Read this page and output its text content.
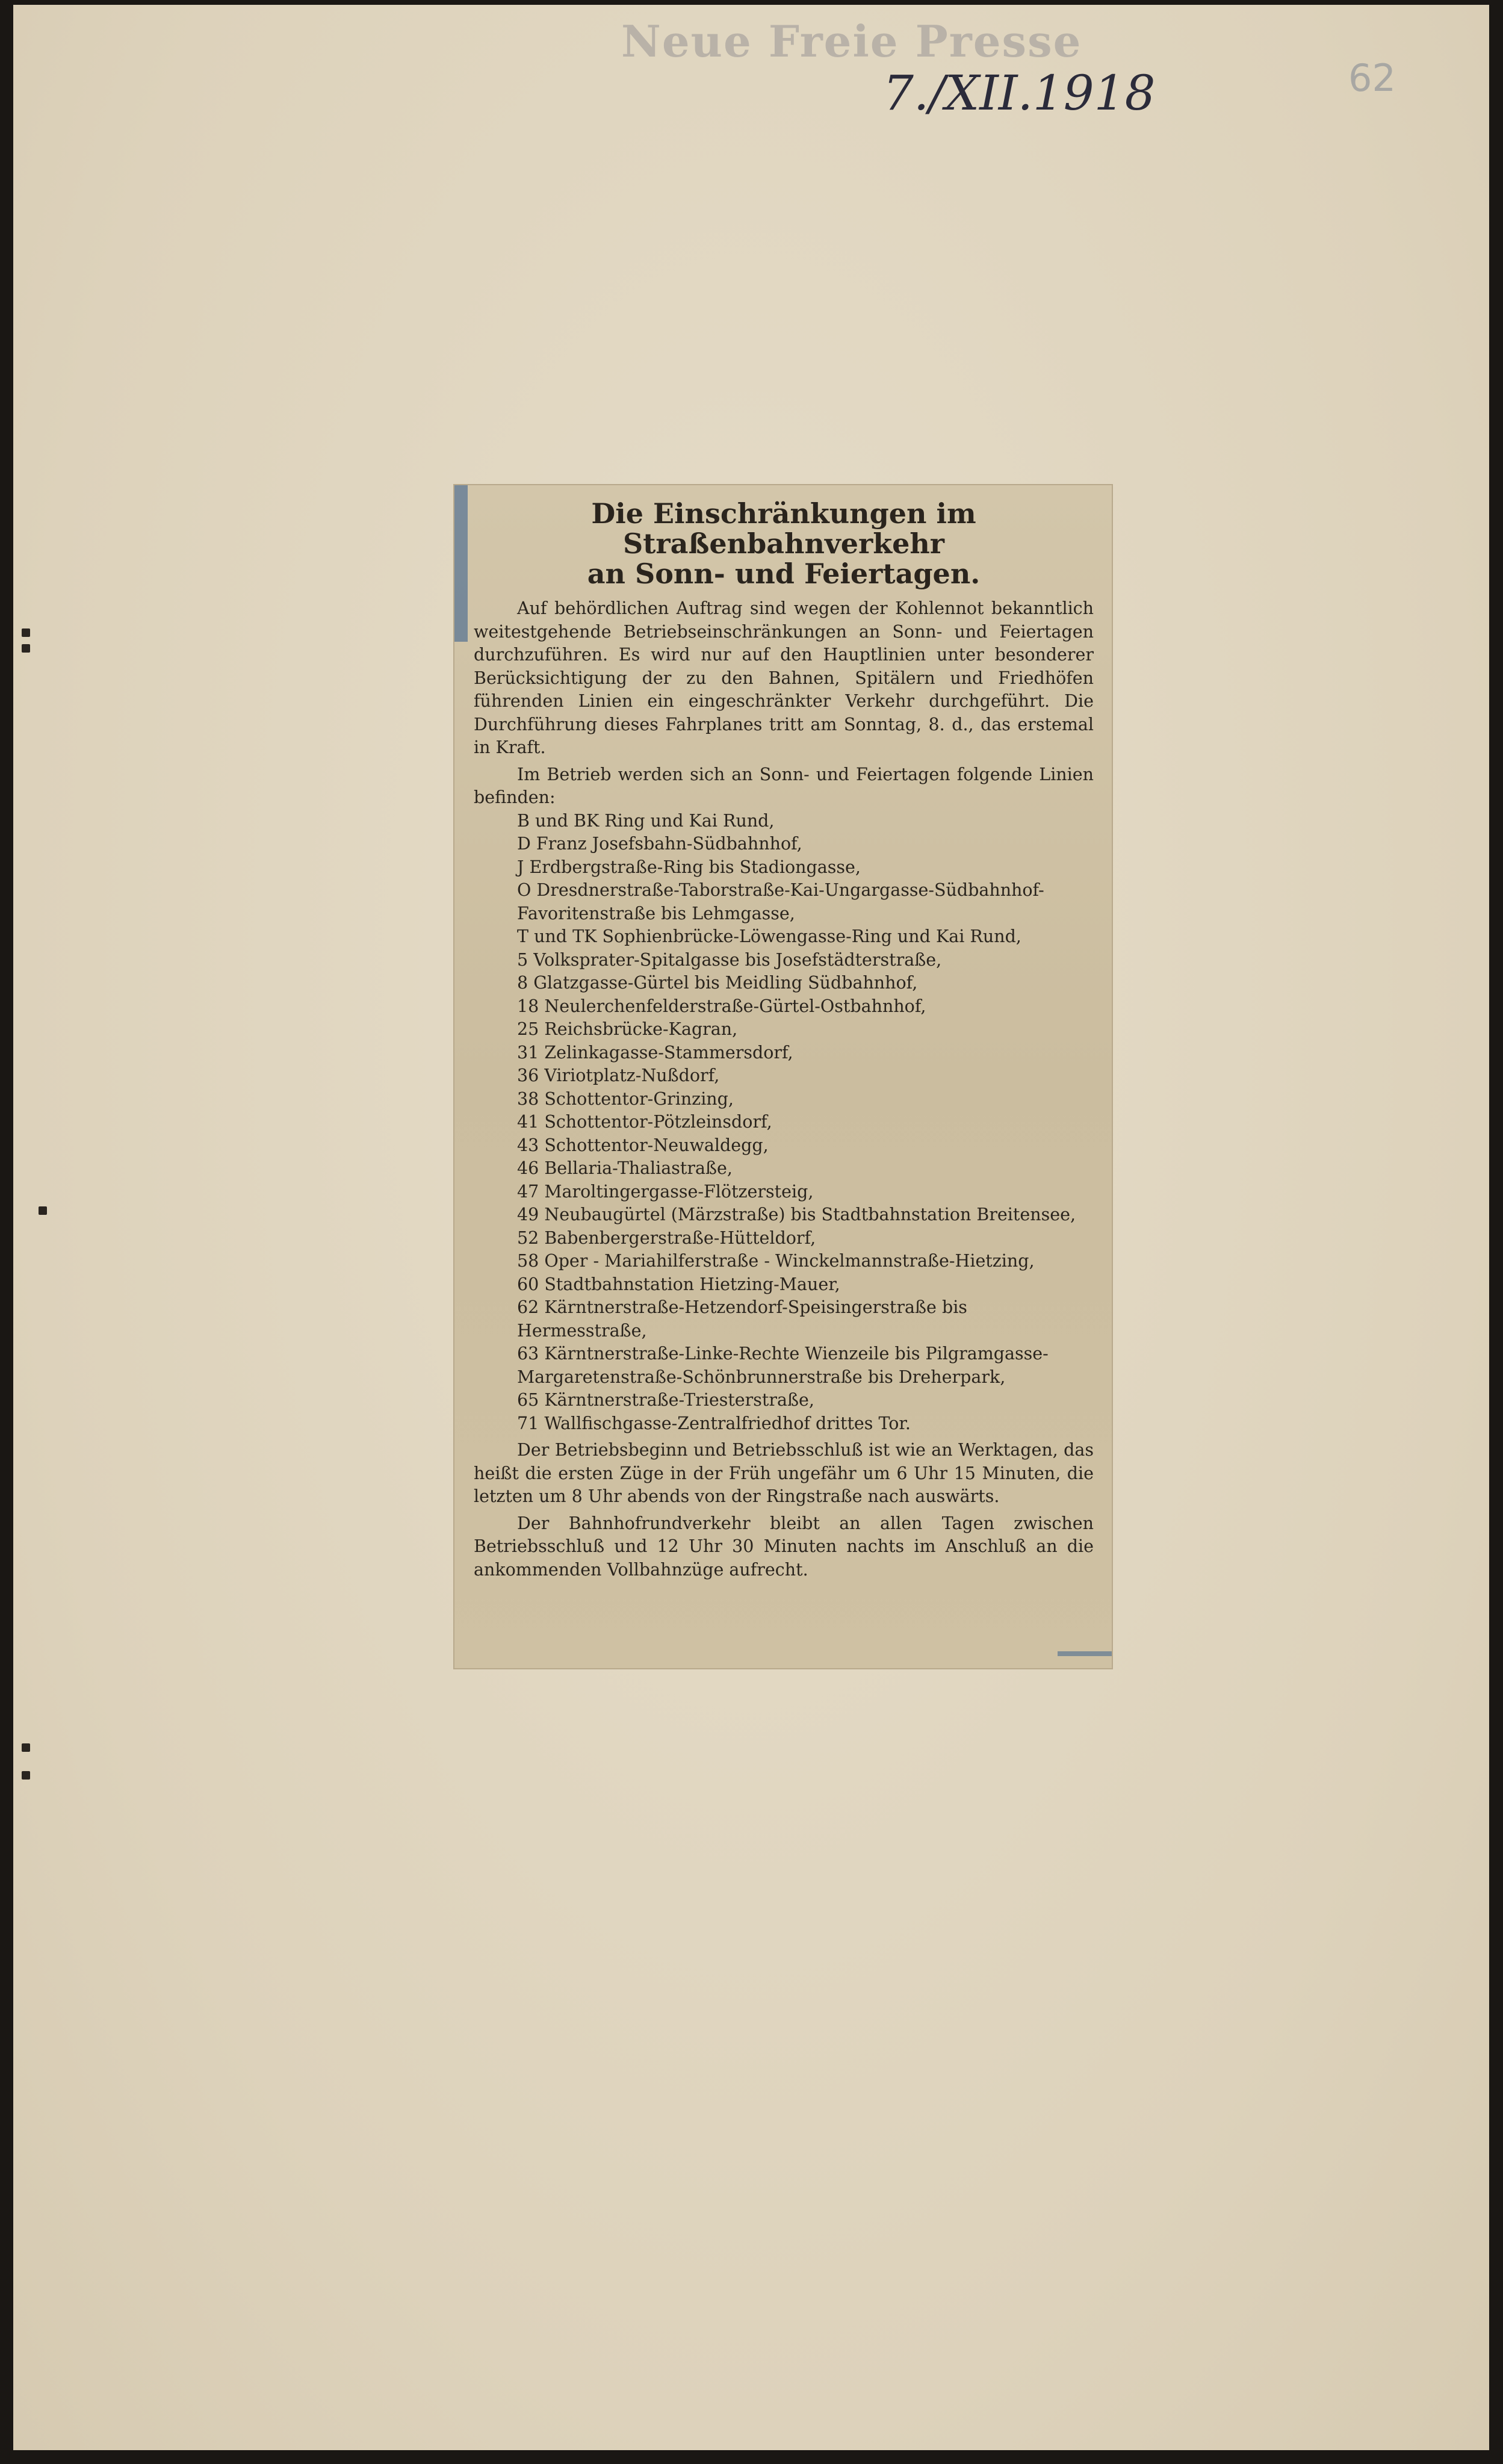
Neue Freie Presse
7./XII.1918	62

Die Einschränkungen im Straßenbahnverkehr

an Sonn- und Feiertagen.

Auf behördlichen Auftrag sind wegen der Kohlennot bekanntlich weitestgehende Betriebseinschränkungen an Sonn- und Feiertagen durchzuführen. Es wird nur auf den Hauptlinien unter besonderer Berücksichtigung der zu den Bahnen, Spitälern und Friedhöfen führenden Linien ein eingeschränkter Verkehr durchgeführt. Die Durchführung dieses Fahrplanes tritt am Sonntag, 8. d., das erstemal in Kraft.

Im Betrieb werden sich an Sonn- und Feiertagen folgende Linien befinden:

B und BK Ring und Kai Rund,

D Franz Josefsbahn-Südbahnhof,

J Erdbergstraße-Ring bis Stadiongasse,

O Dresdnerstraße-Taborstraße-Kai-Ungargasse-Südbahnhof-Favoritenstraße bis Lehmgasse,

T und TK Sophienbrücke-Löwengasse-Ring und Kai Rund,

5 Volksprater-Spitalgasse bis Josefstädterstraße,

8 Glatzgasse-Gürtel bis Meidling Südbahnhof,

18 Neulerchenfelderstraße-Gürtel-Ostbahnhof,

25 Reichsbrücke-Kagran,

31 Zelinkagasse-Stammersdorf,

36 Viriotplatz-Nußdorf,

38 Schottentor-Grinzing,

41 Schottentor-Pötzleinsdorf,

43 Schottentor-Neuwaldegg,

46 Bellaria-Thaliastraße,

47 Maroltingergasse-Flötzersteig,

49 Neubaugürtel (Märzstraße) bis Stadtbahnstation Breitensee,

52 Babenbergerstraße-Hütteldorf,

58 Oper - Mariahilferstraße - Winckelmannstraße-Hietzing,

60 Stadtbahnstation Hietzing-Mauer,

62 Kärntnerstraße-Hetzendorf-Speisingerstraße bis Hermesstraße,

63 Kärntnerstraße-Linke-Rechte Wienzeile bis Pilgramgasse-Margaretenstraße-Schönbrunnerstraße bis Dreherpark,

65 Kärntnerstraße-Triesterstraße,

71 Wallfischgasse-Zentralfriedhof drittes Tor.

Der Betriebsbeginn und Betriebsschluß ist wie an Werktagen, das heißt die ersten Züge in der Früh ungefähr um 6 Uhr 15 Minuten, die letzten um 8 Uhr abends von der Ringstraße nach auswärts.

Der Bahnhofrundverkehr bleibt an allen Tagen zwischen Betriebsschluß und 12 Uhr 30 Minuten nachts im Anschluß an die ankommenden Vollbahnzüge aufrecht.
